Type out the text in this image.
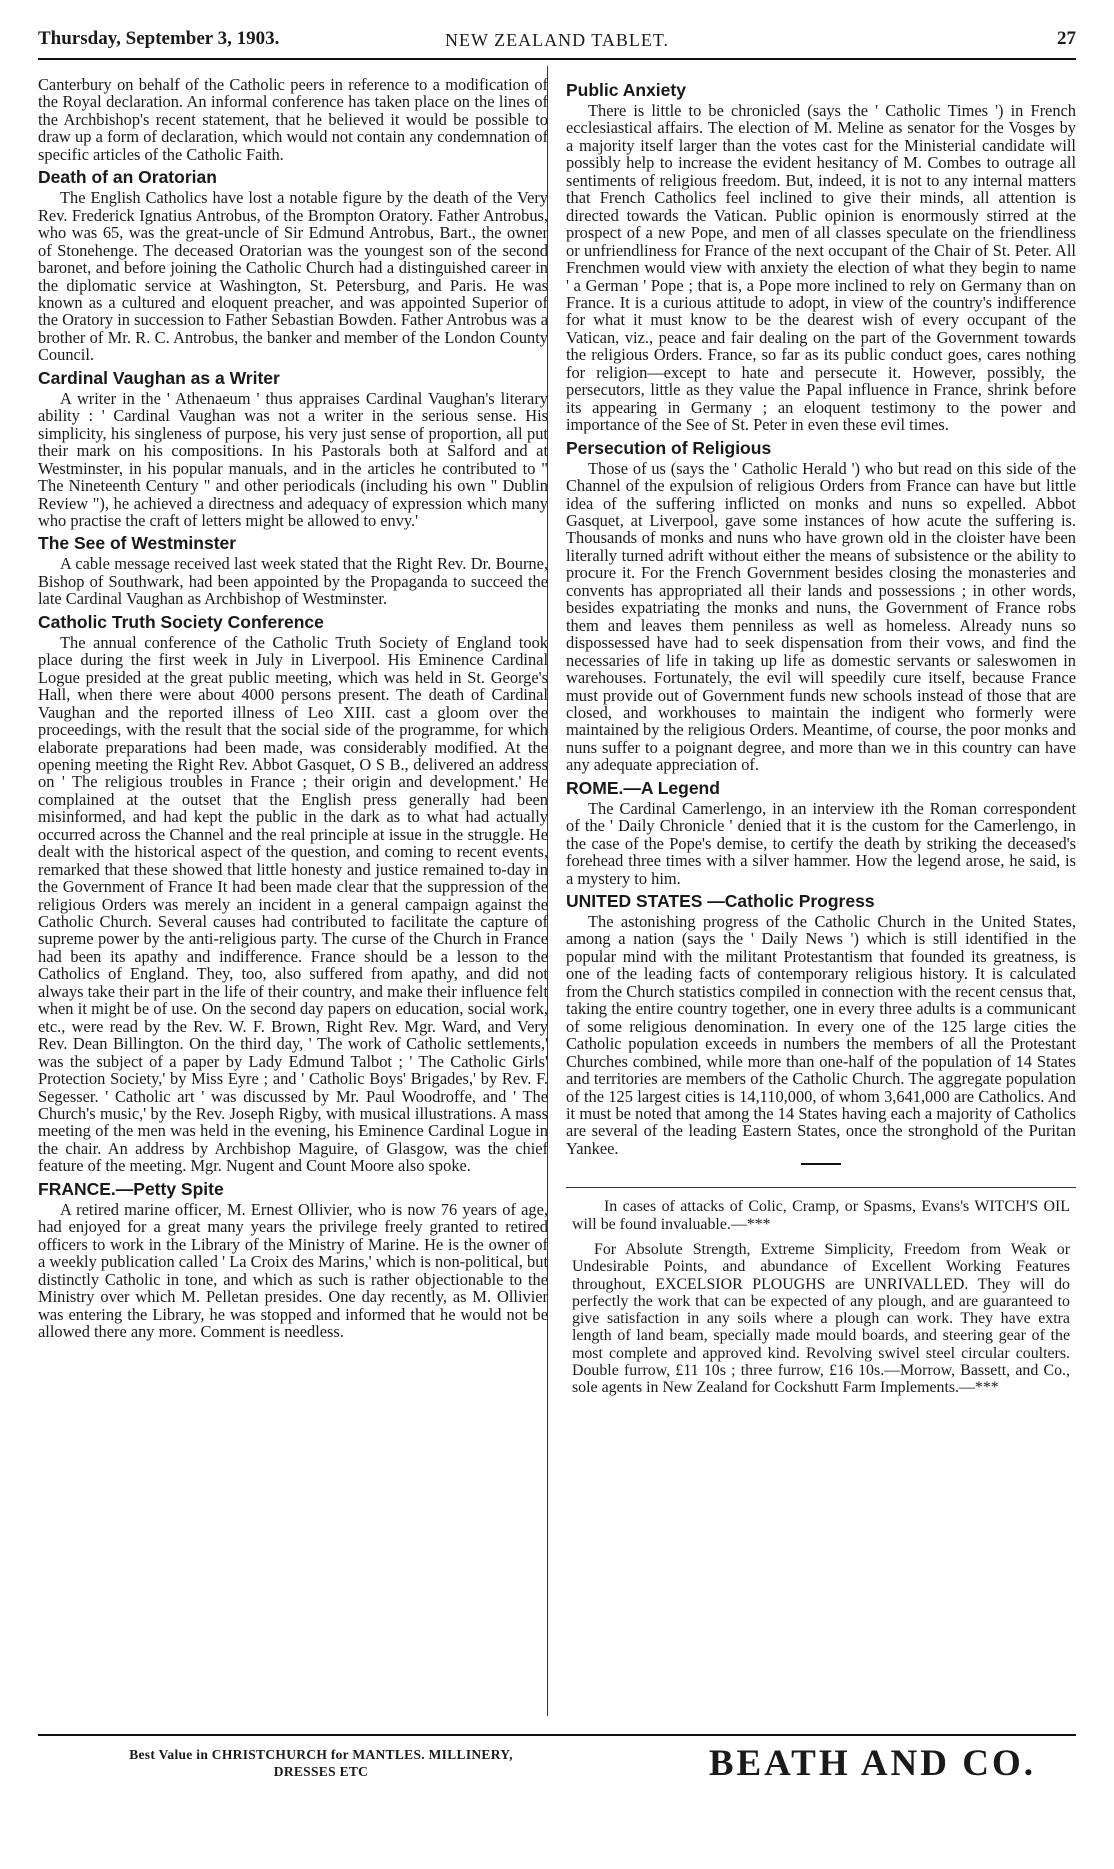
Thursday, September 3, 1903.	NEW ZEALAND TABLET.	27

Canterbury on behalf of the Catholic peers in reference to a modification of the Royal declaration. An informal conference has taken place on the lines of the Archbishop's recent statement, that he believed it would be possible to draw up a form of declaration, which would not contain any condemnation of specific articles of the Catholic Faith.

Death of an Oratorian

The English Catholics have lost a notable figure by the death of the Very Rev. Frederick Ignatius Antrobus, of the Brompton Oratory. Father Antrobus, who was 65, was the great-uncle of Sir Edmund Antrobus, Bart., the owner of Stonehenge. The deceased Oratorian was the youngest son of the second baronet, and before joining the Catholic Church had a distinguished career in the diplomatic service at Washington, St. Petersburg, and Paris. He was known as a cultured and eloquent preacher, and was appointed Superior of the Oratory in succession to Father Sebastian Bowden. Father Antrobus was a brother of Mr. R. C. Antrobus, the banker and member of the London County Council.

Cardinal Vaughan as a Writer

A writer in the ' Athenaeum ' thus appraises Cardinal Vaughan's literary ability : ' Cardinal Vaughan was not a writer in the serious sense. His simplicity, his singleness of purpose, his very just sense of proportion, all put their mark on his compositions. In his Pastorals both at Salford and at Westminster, in his popular manuals, and in the articles he contributed to " The Nineteenth Century " and other periodicals (including his own " Dublin Review "), he achieved a directness and adequacy of expression which many who practise the craft of letters might be allowed to envy.'

The See of Westminster

A cable message received last week stated that the Right Rev. Dr. Bourne, Bishop of Southwark, had been appointed by the Propaganda to succeed the late Cardinal Vaughan as Archbishop of Westminster.

Catholic Truth Society Conference

The annual conference of the Catholic Truth Society of England took place during the first week in July in Liverpool. His Eminence Cardinal Logue presided at the great public meeting, which was held in St. George's Hall, when there were about 4000 persons present. The death of Cardinal Vaughan and the reported illness of Leo XIII. cast a gloom over the proceedings, with the result that the social side of the programme, for which elaborate preparations had been made, was considerably modified. At the opening meeting the Right Rev. Abbot Gasquet, O S B., delivered an address on ' The religious troubles in France ; their origin and development.' He complained at the outset that the English press generally had been misinformed, and had kept the public in the dark as to what had actually occurred across the Channel and the real principle at issue in the struggle. He dealt with the historical aspect of the question, and coming to recent events, remarked that these showed that little honesty and justice remained to-day in the Government of France It had been made clear that the suppression of the religious Orders was merely an incident in a general campaign against the Catholic Church. Several causes had contributed to facilitate the capture of supreme power by the anti-religious party. The curse of the Church in France had been its apathy and indifference. France should be a lesson to the Catholics of England. They, too, also suffered from apathy, and did not always take their part in the life of their country, and make their influence felt when it might be of use. On the second day papers on education, social work, etc., were read by the Rev. W. F. Brown, Right Rev. Mgr. Ward, and Very Rev. Dean Billington. On the third day, ' The work of Catholic settlements,' was the subject of a paper by Lady Edmund Talbot ; ' The Catholic Girls' Protection Society,' by Miss Eyre ; and ' Catholic Boys' Brigades,' by Rev. F. Segesser. ' Catholic art ' was discussed by Mr. Paul Woodroffe, and ' The Church's music,' by the Rev. Joseph Rigby, with musical illustrations. A mass meeting of the men was held in the evening, his Eminence Cardinal Logue in the chair. An address by Archbishop Maguire, of Glasgow, was the chief feature of the meeting. Mgr. Nugent and Count Moore also spoke.

FRANCE.—Petty Spite

A retired marine officer, M. Ernest Ollivier, who is now 76 years of age, had enjoyed for a great many years the privilege freely granted to retired officers to work in the Library of the Ministry of Marine. He is the owner of a weekly publication called ' La Croix des Marins,' which is non-political, but distinctly Catholic in tone, and which as such is rather objectionable to the Ministry over which M. Pelletan presides. One day recently, as M. Ollivier was entering the Library, he was stopped and informed that he would not be allowed there any more. Comment is needless.

Public Anxiety

There is little to be chronicled (says the ' Catholic Times ') in French ecclesiastical affairs. The election of M. Meline as senator for the Vosges by a majority itself larger than the votes cast for the Ministerial candidate will possibly help to increase the evident hesitancy of M. Combes to outrage all sentiments of religious freedom. But, indeed, it is not to any internal matters that French Catholics feel inclined to give their minds, all attention is directed towards the Vatican. Public opinion is enormously stirred at the prospect of a new Pope, and men of all classes speculate on the friendliness or unfriendliness for France of the next occupant of the Chair of St. Peter. All Frenchmen would view with anxiety the election of what they begin to name ' a German ' Pope ; that is, a Pope more inclined to rely on Germany than on France. It is a curious attitude to adopt, in view of the country's indifference for what it must know to be the dearest wish of every occupant of the Vatican, viz., peace and fair dealing on the part of the Government towards the religious Orders. France, so far as its public conduct goes, cares nothing for religion—except to hate and persecute it. However, possibly, the persecutors, little as they value the Papal influence in France, shrink before its appearing in Germany ; an eloquent testimony to the power and importance of the See of St. Peter in even these evil times.

Persecution of Religious

Those of us (says the ' Catholic Herald ') who but read on this side of the Channel of the expulsion of religious Orders from France can have but little idea of the suffering inflicted on monks and nuns so expelled. Abbot Gasquet, at Liverpool, gave some instances of how acute the suffering is. Thousands of monks and nuns who have grown old in the cloister have been literally turned adrift without either the means of subsistence or the ability to procure it. For the French Government besides closing the monasteries and convents has appropriated all their lands and possessions ; in other words, besides expatriating the monks and nuns, the Government of France robs them and leaves them penniless as well as homeless. Already nuns so dispossessed have had to seek dispensation from their vows, and find the necessaries of life in taking up life as domestic servants or saleswomen in warehouses. Fortunately, the evil will speedily cure itself, because France must provide out of Government funds new schools instead of those that are closed, and workhouses to maintain the indigent who formerly were maintained by the religious Orders. Meantime, of course, the poor monks and nuns suffer to a poignant degree, and more than we in this country can have any adequate appreciation of.

ROME.—A Legend

The Cardinal Camerlengo, in an interview ith the Roman correspondent of the ' Daily Chronicle ' denied that it is the custom for the Camerlengo, in the case of the Pope's demise, to certify the death by striking the deceased's forehead three times with a silver hammer. How the legend arose, he said, is a mystery to him.

UNITED STATES —Catholic Progress

The astonishing progress of the Catholic Church in the United States, among a nation (says the ' Daily News ') which is still identified in the popular mind with the militant Protestantism that founded its greatness, is one of the leading facts of contemporary religious history. It is calculated from the Church statistics compiled in connection with the recent census that, taking the entire country together, one in every three adults is a communicant of some religious denomination. In every one of the 125 large cities the Catholic population exceeds in numbers the members of all the Protestant Churches combined, while more than one-half of the population of 14 States and territories are members of the Catholic Church. The aggregate population of the 125 largest cities is 14,110,000, of whom 3,641,000 are Catholics. And it must be noted that among the 14 States having each a majority of Catholics are several of the leading Eastern States, once the stronghold of the Puritan Yankee.

In cases of attacks of Colic, Cramp, or Spasms, Evans's WITCH'S OIL will be found invaluable.—***

For Absolute Strength, Extreme Simplicity, Freedom from Weak or Undesirable Points, and abundance of Excellent Working Features throughout, EXCELSIOR PLOUGHS are UNRIVALLED. They will do perfectly the work that can be expected of any plough, and are guaranteed to give satisfaction in any soils where a plough can work. They have extra length of land beam, specially made mould boards, and steering gear of the most complete and approved kind. Revolving swivel steel circular coulters. Double furrow, £11 10s ; three furrow, £16 10s.—Morrow, Bassett, and Co., sole agents in New Zealand for Cockshutt Farm Implements.—***

Best Value in CHRISTCHURCH for MANTLES. MILLINERY,
DRESSES ETC	BEATH AND CO.
